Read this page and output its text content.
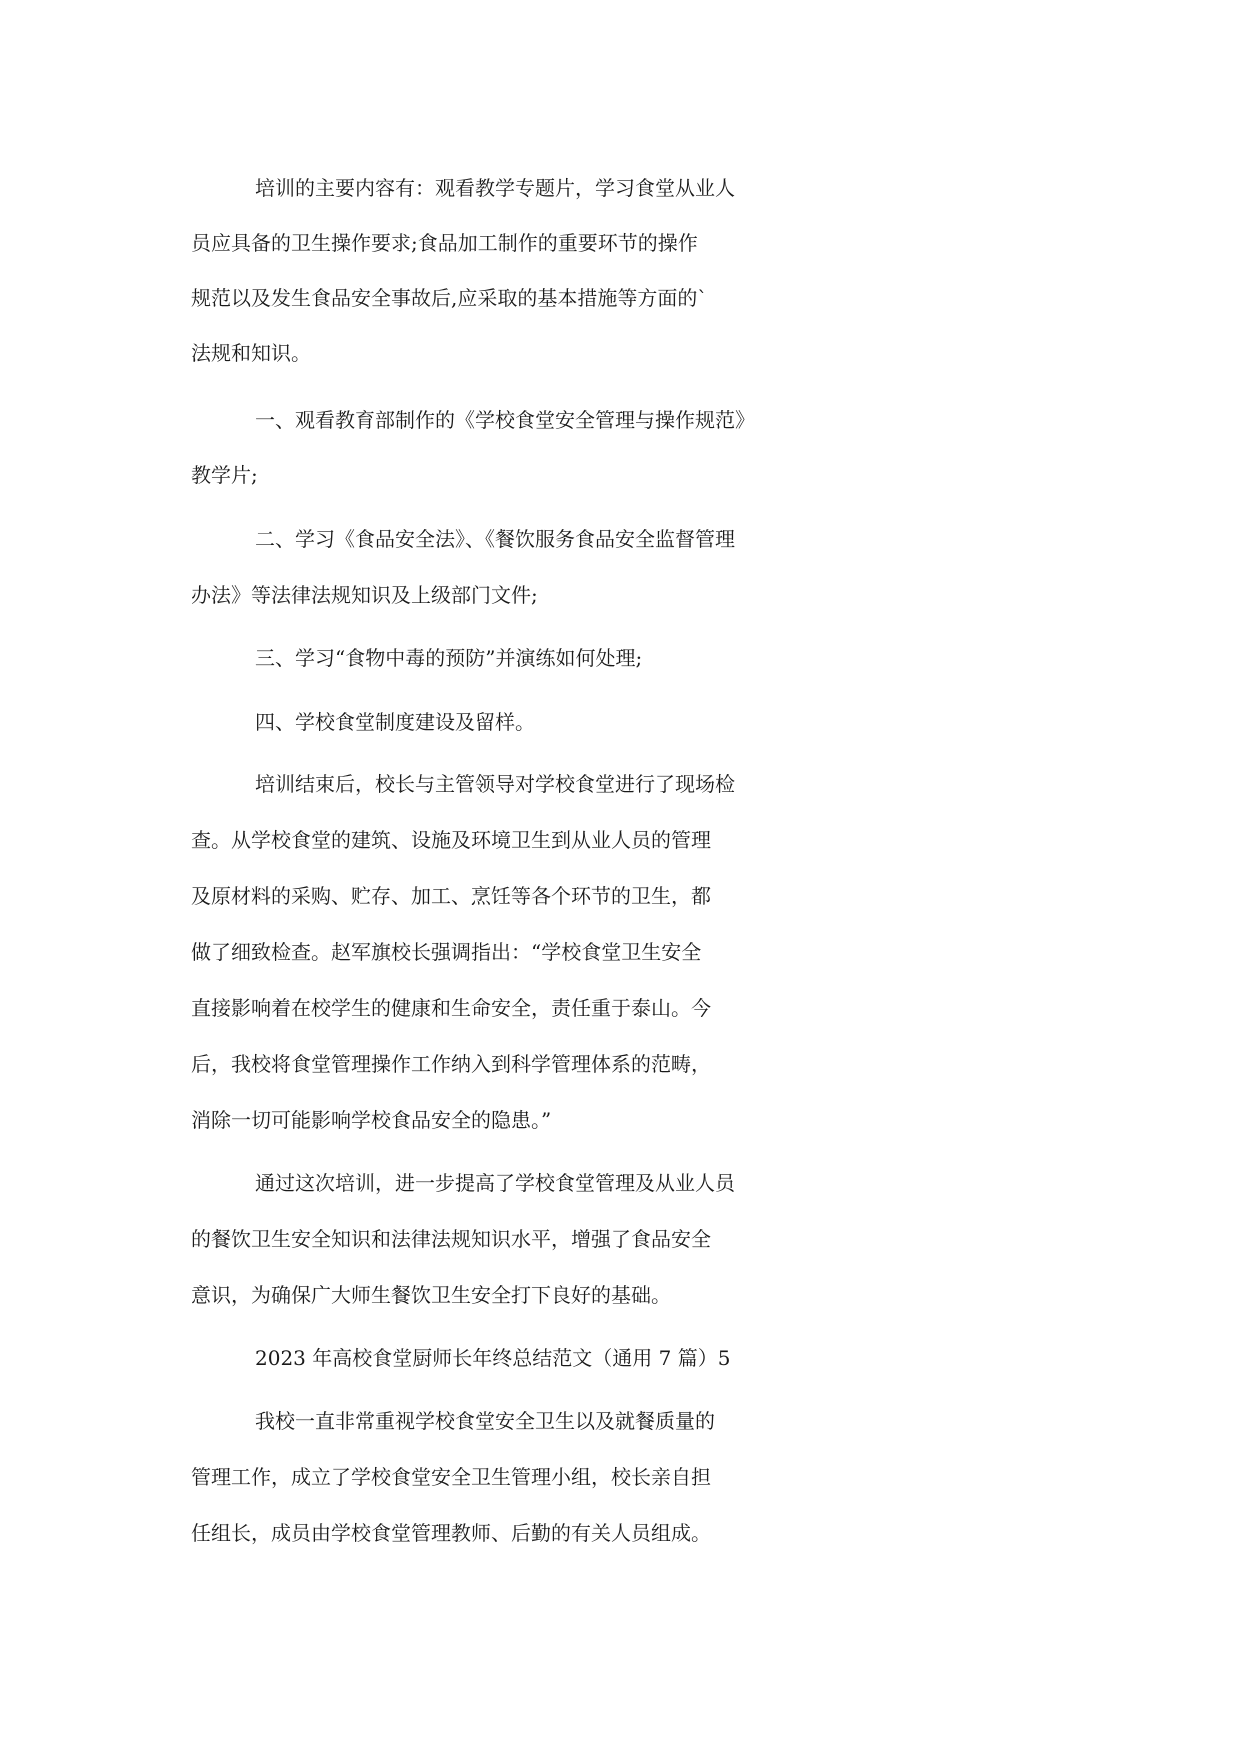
培训的主要内容有：观看教学专题片，学习食堂从业人

员应具备的卫生操作要求;食品加工制作的重要环节的操作

规范以及发生食品安全事故后,应采取的基本措施等方面的`

法规和知识。

一、观看教育部制作的《学校食堂安全管理与操作规范》

教学片;

二、学习《食品安全法》、《餐饮服务食品安全监督管理

办法》等法律法规知识及上级部门文件;

三、学习“食物中毒的预防”并演练如何处理;

四、学校食堂制度建设及留样。

培训结束后，校长与主管领导对学校食堂进行了现场检

查。从学校食堂的建筑、设施及环境卫生到从业人员的管理

及原材料的采购、贮存、加工、烹饪等各个环节的卫生，都

做了细致检查。赵军旗校长强调指出：“学校食堂卫生安全

直接影响着在校学生的健康和生命安全，责任重于泰山。今

后，我校将食堂管理操作工作纳入到科学管理体系的范畴，

消除一切可能影响学校食品安全的隐患。”

通过这次培训，进一步提高了学校食堂管理及从业人员

的餐饮卫生安全知识和法律法规知识水平，增强了食品安全

意识，为确保广大师生餐饮卫生安全打下良好的基础。

2023 年高校食堂厨师长年终总结范文（通用 7 篇）5

我校一直非常重视学校食堂安全卫生以及就餐质量的

管理工作，成立了学校食堂安全卫生管理小组，校长亲自担

任组长，成员由学校食堂管理教师、后勤的有关人员组成。
